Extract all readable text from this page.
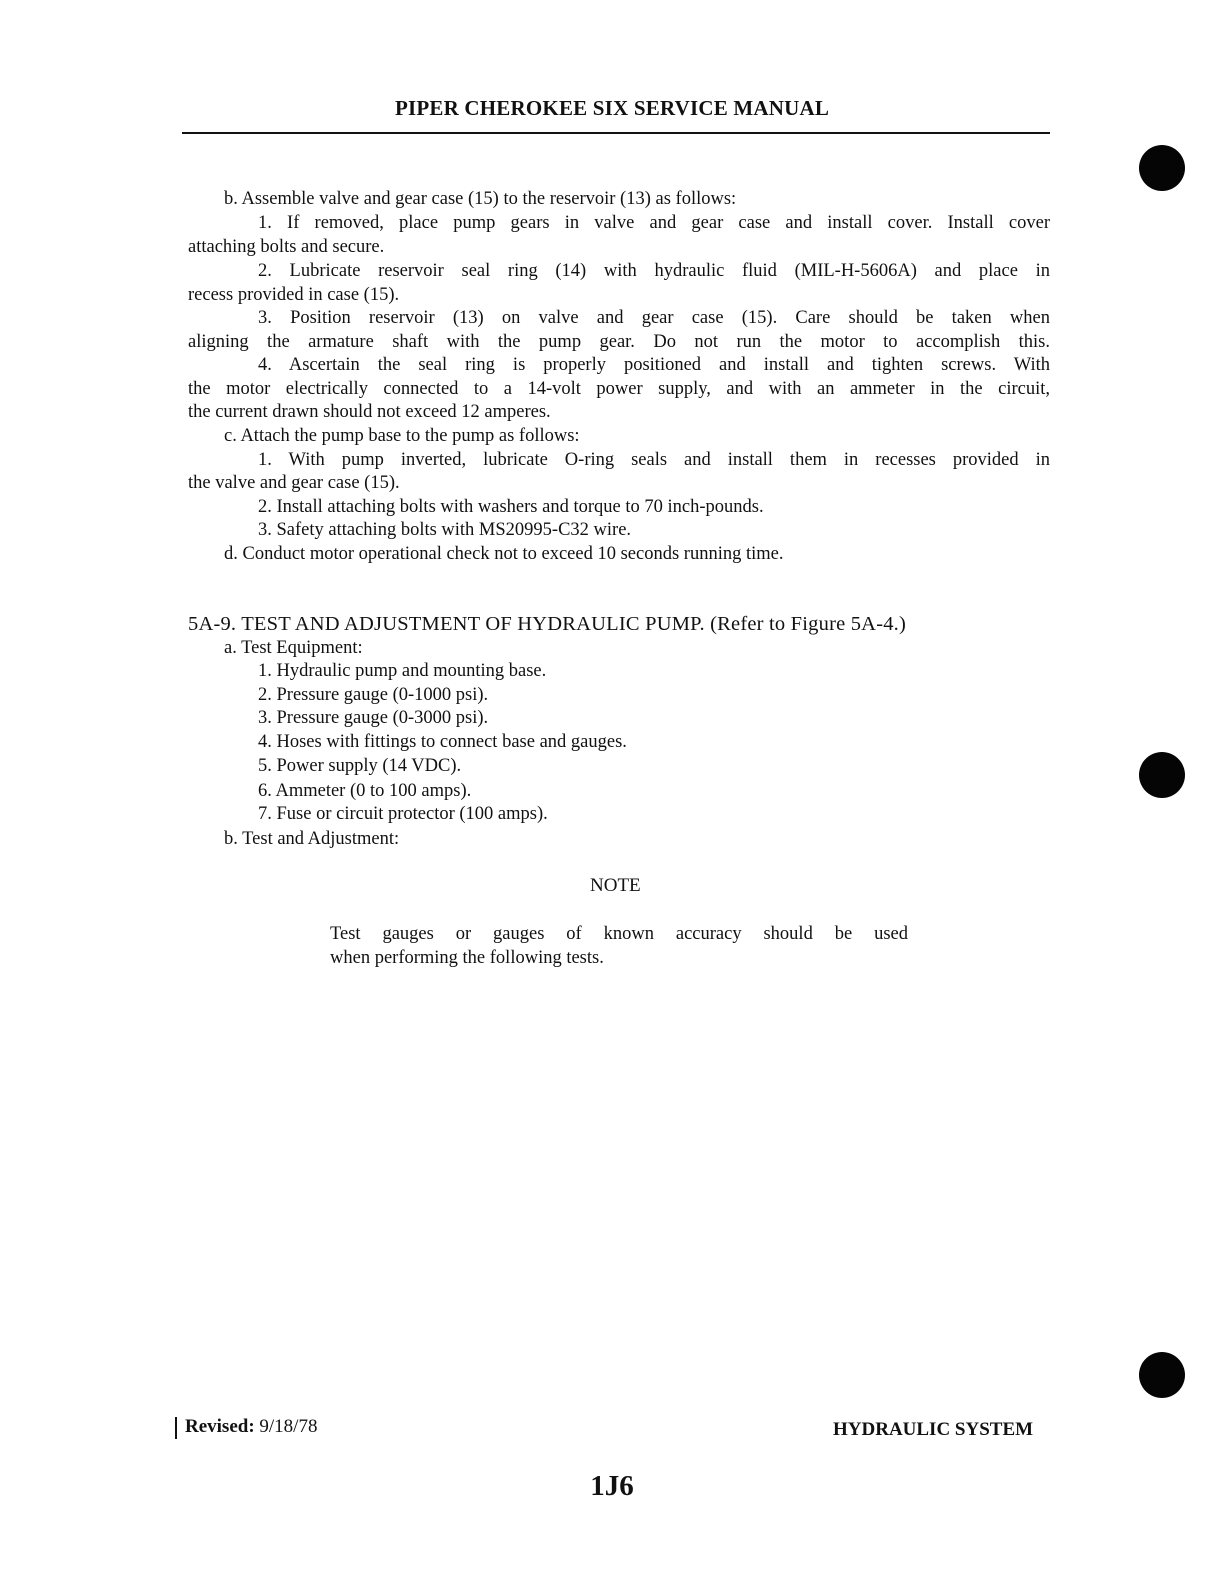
PIPER CHEROKEE SIX SERVICE MANUAL
b. Assemble valve and gear case (15) to the reservoir (13) as follows:
1. If removed, place pump gears in valve and gear case and install cover. Install cover
attaching bolts and secure.
2. Lubricate reservoir seal ring (14) with hydraulic fluid (MIL-H-5606A) and place in
recess provided in case (15).
3. Position reservoir (13) on valve and gear case (15). Care should be taken when
aligning the armature shaft with the pump gear. Do not run the motor to accomplish this.
4. Ascertain the seal ring is properly positioned and install and tighten screws. With
the motor electrically connected to a 14-volt power supply, and with an ammeter in the circuit,
the current drawn should not exceed 12 amperes.
c. Attach the pump base to the pump as follows:
1. With pump inverted, lubricate O-ring seals and install them in recesses provided in
the valve and gear case (15).
2. Install attaching bolts with washers and torque to 70 inch-pounds.
3. Safety attaching bolts with MS20995-C32 wire.
d. Conduct motor operational check not to exceed 10 seconds running time.
5A-9. TEST AND ADJUSTMENT OF HYDRAULIC PUMP. (Refer to Figure 5A-4.)
a. Test Equipment:
1. Hydraulic pump and mounting base.
2. Pressure gauge (0-1000 psi).
3. Pressure gauge (0-3000 psi).
4. Hoses with fittings to connect base and gauges.
5. Power supply (14 VDC).
6. Ammeter (0 to 100 amps).
7. Fuse or circuit protector (100 amps).
b. Test and Adjustment:
NOTE
Test gauges or gauges of known accuracy should be used
when performing the following tests.
Revised: 9/18/78	HYDRAULIC SYSTEM
1J6
